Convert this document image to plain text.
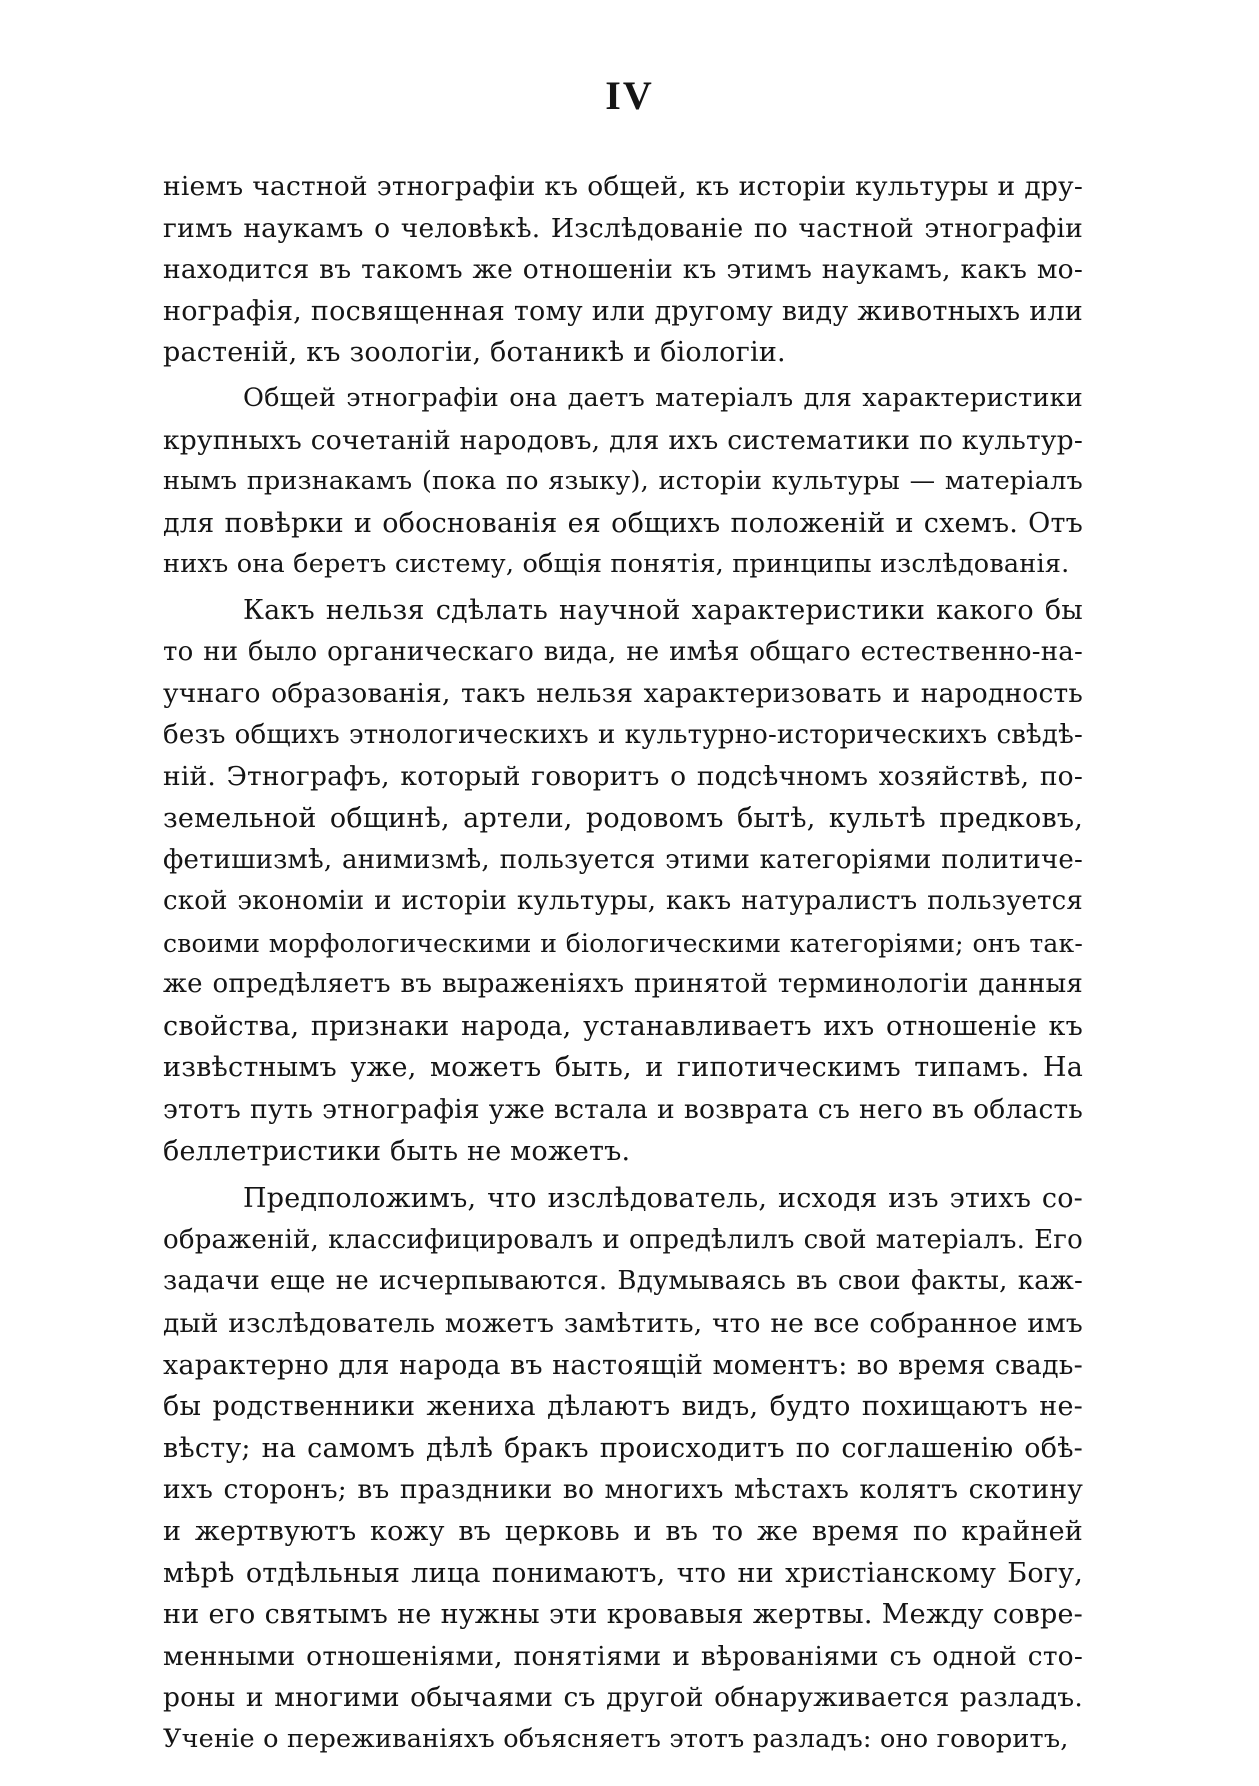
IV
ніемъ частной этнографіи къ общей, къ исторіи культуры и дру-
гимъ наукамъ о человѣкѣ. Изслѣдованіе по частной этнографіи
находится въ такомъ же отношеніи къ этимъ наукамъ, какъ мо-
нографія, посвященная тому или другому виду животныхъ или
растеній, къ зоологіи, ботаникѣ и біологіи.
Общей этнографіи она даетъ матеріалъ для характеристики
крупныхъ сочетаній народовъ, для ихъ систематики по культур-
нымъ признакамъ (пока по языку), исторіи культуры — матеріалъ
для повѣрки и обоснованія ея общихъ положеній и схемъ. Отъ
нихъ она беретъ систему, общія понятія, принципы изслѣдованія.
Какъ нельзя сдѣлать научной характеристики какого бы
то ни было органическаго вида, не имѣя общаго естественно-на-
учнаго образованія, такъ нельзя характеризовать и народность
безъ общихъ этнологическихъ и культурно-историческихъ свѣдѣ-
ній. Этнографъ, который говоритъ о подсѣчномъ хозяйствѣ, по-
земельной общинѣ, артели, родовомъ бытѣ, культѣ предковъ,
фетишизмѣ, анимизмѣ, пользуется этими категоріями политиче-
ской экономіи и исторіи культуры, какъ натуралистъ пользуется
своими морфологическими и біологическими категоріями; онъ так-
же опредѣляетъ въ выраженіяхъ принятой терминологіи данныя
свойства, признаки народа, устанавливаетъ ихъ отношеніе къ
извѣстнымъ уже, можетъ быть, и гипотическимъ типамъ. На
этотъ путь этнографія уже встала и возврата съ него въ область
беллетристики быть не можетъ.
Предположимъ, что изслѣдователь, исходя изъ этихъ со-
ображеній, классифицировалъ и опредѣлилъ свой матеріалъ. Его
задачи еще не исчерпываются. Вдумываясь въ свои факты, каж-
дый изслѣдователь можетъ замѣтить, что не все собранное имъ
характерно для народа въ настоящій моментъ: во время свадь-
бы родственники жениха дѣлаютъ видъ, будто похищаютъ не-
вѣсту; на самомъ дѣлѣ бракъ происходитъ по соглашенію обѣ-
ихъ сторонъ; въ праздники во многихъ мѣстахъ колятъ скотину
и жертвуютъ кожу въ церковь и въ то же время по крайней
мѣрѣ отдѣльныя лица понимаютъ, что ни христіанскому Богу,
ни его святымъ не нужны эти кровавыя жертвы. Между совре-
менными отношеніями, понятіями и вѣрованіями съ одной сто-
роны и многими обычаями съ другой обнаруживается разладъ.
Ученіе о переживаніяхъ объясняетъ этотъ разладъ: оно говоритъ,
